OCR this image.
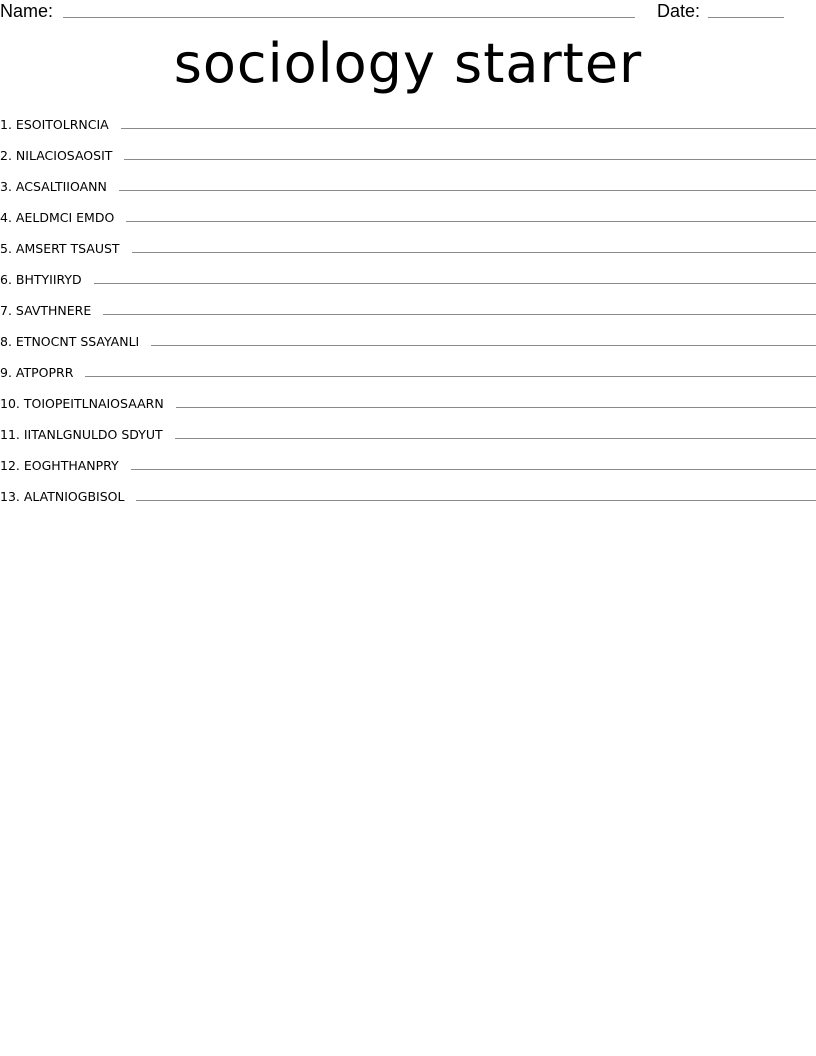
Name:	Date:
sociology starter
1. ESOITOLRNCIA
2. NILACIOSAOSIT
3. ACSALTIIOANN
4. AELDMCI EMDO
5. AMSERT TSAUST
6. BHTYIIRYD
7. SAVTHNERE
8. ETNOCNT SSAYANLI
9. ATPOPRR
10. TOIOPEITLNAIOSAARN
11. IITANLGNULDO SDYUT
12. EOGHTHANPRY
13. ALATNIOGBISOL
